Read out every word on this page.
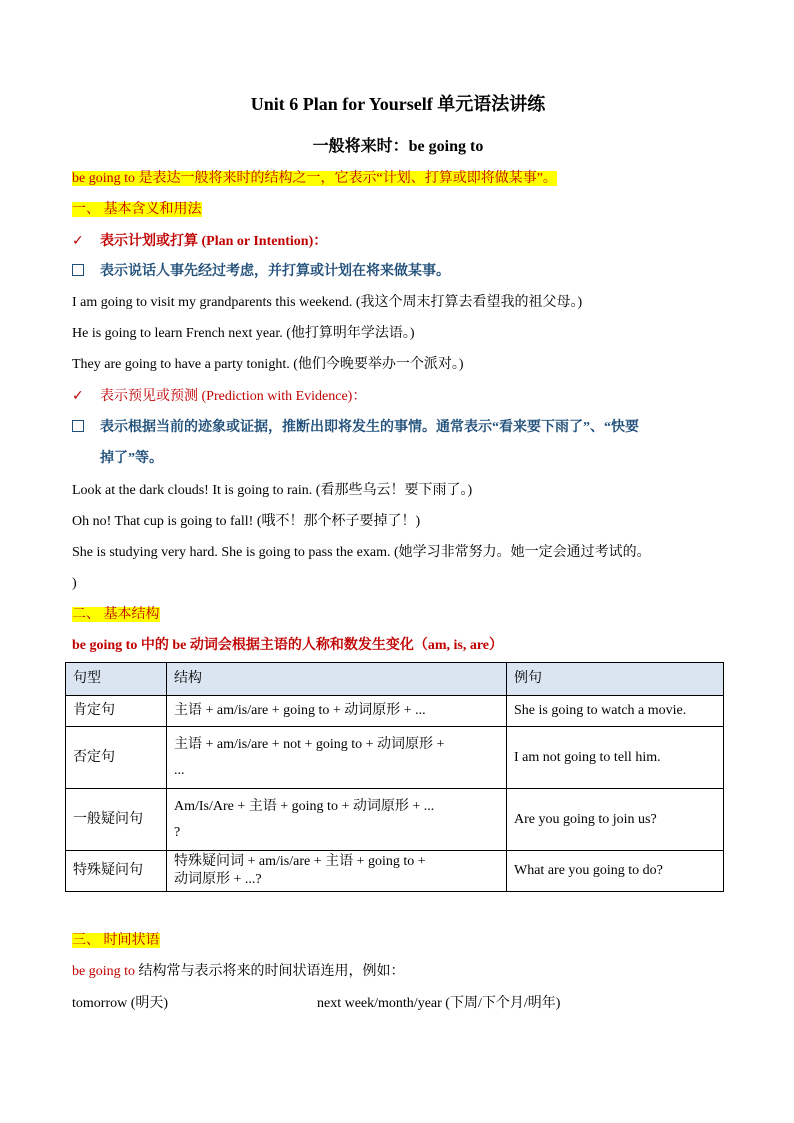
Unit 6 Plan for Yourself 单元语法讲练
一般将来时：be going to
be going to 是表达一般将来时的结构之一，它表示“计划、打算或即将做某事”。
一、 基本含义和用法
✓ 表示计划或打算 (Plan or Intention)：
表示说话人事先经过考虑，并打算或计划在将来做某事。
I am going to visit my grandparents this weekend. (我这个周末打算去看望我的祖父母。)
He is going to learn French next year. (他打算明年学法语。)
They are going to have a party tonight. (他们今晚要举办一个派对。)
✓ 表示预见或预测 (Prediction with Evidence)：
表示根据当前的迹象或证据，推断出即将发生的事情。通常表示“看来要下雨了”、“快要
掉了”等。
Look at the dark clouds! It is going to rain. (看那些乌云！要下雨了。)
Oh no! That cup is going to fall! (哦不！那个杯子要掉了！)
She is studying very hard. She is going to pass the exam. (她学习非常努力。她一定会通过考试的。
)
二、 基本结构
be going to 中的 be 动词会根据主语的人称和数发生变化（am, is, are）
句型	结构	例句
肯定句	主语 + am/is/are + going to + 动词原形 + ...	She is going to watch a movie.
否定句	主语 + am/is/are + not + going to + 动词原形 +
...	I am not going to tell him.
一般疑问句	Am/Is/Are + 主语 + going to + 动词原形 + ...
?	Are you going to join us?
特殊疑问句	特殊疑问词 + am/is/are + 主语 + going to +
动词原形 + ...?	What are you going to do?
三、 时间状语
be going to 结构常与表示将来的时间状语连用，例如：
tomorrow (明天)	next week/month/year (下周/下个月/明年)
